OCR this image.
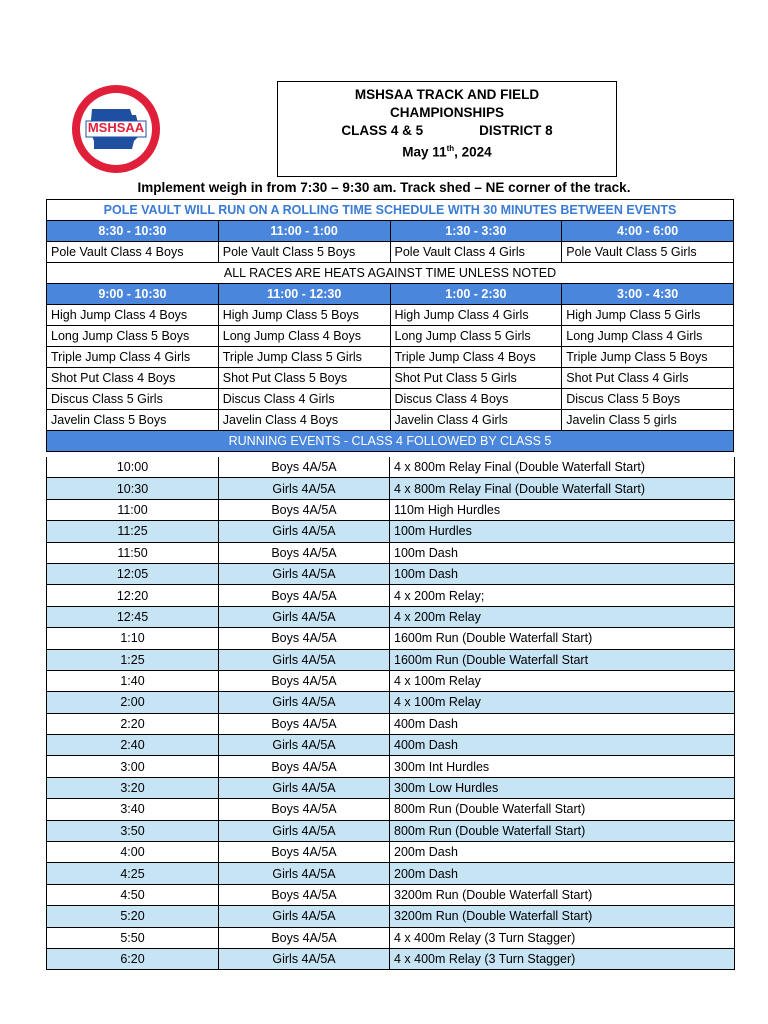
MSHSAA
MSHSAA TRACK AND FIELD
CHAMPIONSHIPS
CLASS 4 & 5	DISTRICT 8
May 11th, 2024
Implement weigh in from 7:30 – 9:30 am. Track shed – NE corner of the track.
POLE VAULT WILL RUN ON A ROLLING TIME SCHEDULE WITH 30 MINUTES BETWEEN EVENTS			
8:30 - 10:30	11:00 - 1:00	1:30 - 3:30	4:00 - 6:00
Pole Vault Class 4 Boys	Pole Vault Class 5 Boys	Pole Vault Class 4 Girls	Pole Vault Class 5 Girls
ALL RACES ARE HEATS AGAINST TIME UNLESS NOTED			
9:00 - 10:30	11:00 - 12:30	1:00 - 2:30	3:00 - 4:30
High Jump Class 4 Boys	High Jump Class 5 Boys	High Jump Class 4 Girls	High Jump Class 5 Girls
Long Jump Class 5 Boys	Long Jump Class 4 Boys	Long Jump Class 5 Girls	Long Jump Class 4 Girls
Triple Jump Class 4 Girls	Triple Jump Class 5 Girls	Triple Jump Class 4 Boys	Triple Jump Class 5 Boys
Shot Put Class 4 Boys	Shot Put Class 5 Boys	Shot Put Class 5 Girls	Shot Put Class 4 Girls
Discus Class 5 Girls	Discus Class 4 Girls	Discus Class 4 Boys	Discus Class 5 Boys
Javelin Class 5 Boys	Javelin Class 4 Boys	Javelin Class 4 Girls	Javelin Class 5 girls
RUNNING EVENTS - CLASS 4 FOLLOWED BY CLASS 5			
10:00	Boys 4A/5A	4 x 800m Relay Final (Double Waterfall Start)
10:30	Girls 4A/5A	4 x 800m Relay Final (Double Waterfall Start)
11:00	Boys 4A/5A	110m High Hurdles
11:25	Girls 4A/5A	100m Hurdles
11:50	Boys 4A/5A	100m Dash
12:05	Girls 4A/5A	100m Dash
12:20	Boys 4A/5A	4 x 200m Relay;
12:45	Girls 4A/5A	4 x 200m Relay
1:10	Boys 4A/5A	1600m Run (Double Waterfall Start)
1:25	Girls 4A/5A	1600m Run (Double Waterfall Start
1:40	Boys 4A/5A	4 x 100m Relay
2:00	Girls 4A/5A	4 x 100m Relay
2:20	Boys 4A/5A	400m Dash
2:40	Girls 4A/5A	400m Dash
3:00	Boys 4A/5A	300m Int Hurdles
3:20	Girls 4A/5A	300m Low Hurdles
3:40	Boys 4A/5A	800m Run (Double Waterfall Start)
3:50	Girls 4A/5A	800m Run (Double Waterfall Start)
4:00	Boys 4A/5A	200m Dash
4:25	Girls 4A/5A	200m Dash
4:50	Boys 4A/5A	3200m Run (Double Waterfall Start)
5:20	Girls 4A/5A	3200m Run (Double Waterfall Start)
5:50	Boys 4A/5A	4 x 400m Relay (3 Turn Stagger)
6:20	Girls 4A/5A	4 x 400m Relay (3 Turn Stagger)
